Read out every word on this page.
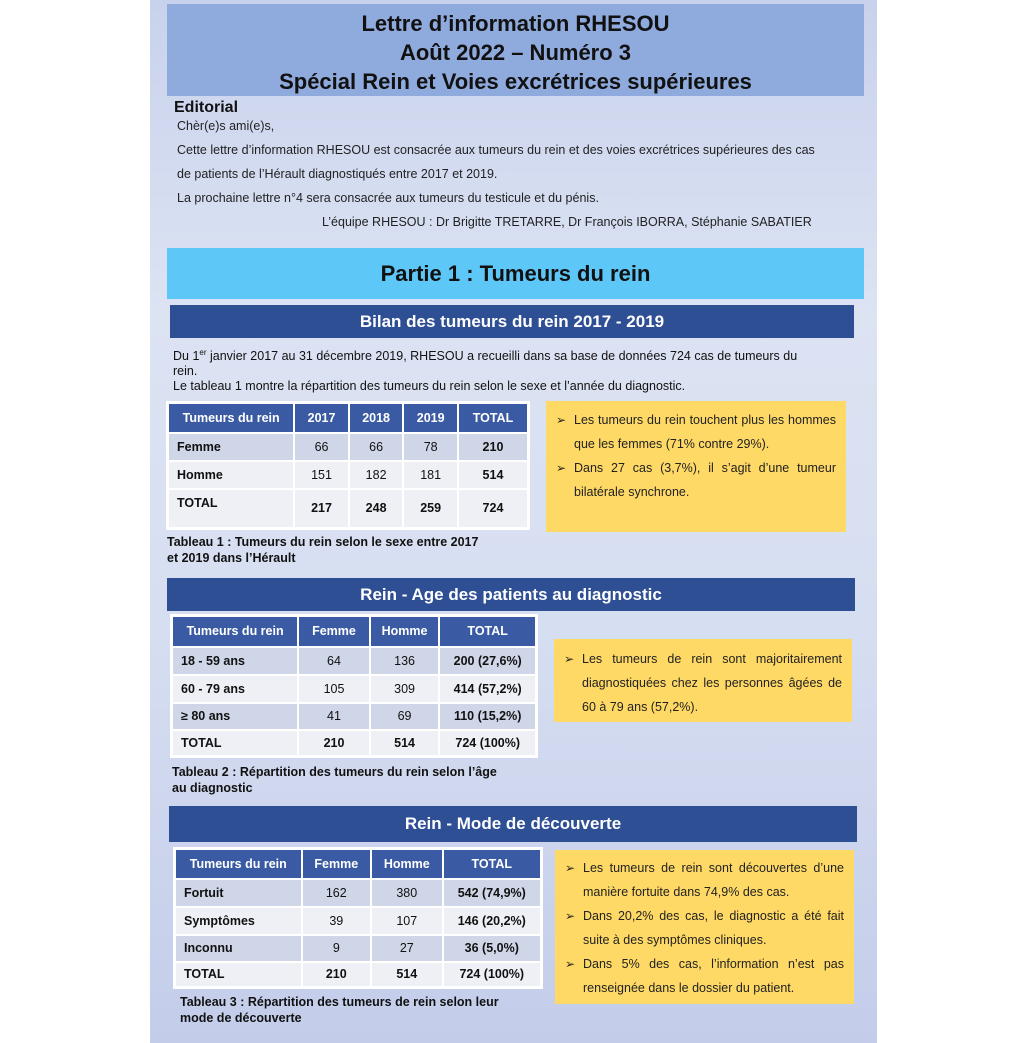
Lettre d’information RHESOU
Août 2022 – Numéro 3
Spécial Rein et Voies excrétrices supérieures
Editorial
Chèr(e)s ami(e)s,
Cette lettre d’information RHESOU est consacrée aux tumeurs du rein et des voies excrétrices supérieures des cas
de patients de l’Hérault diagnostiqués entre 2017 et 2019.
La prochaine lettre n°4 sera consacrée aux tumeurs du testicule et du pénis.
L’équipe RHESOU : Dr Brigitte TRETARRE, Dr François IBORRA, Stéphanie SABATIER
Partie 1 : Tumeurs du rein
Bilan des tumeurs du rein 2017 - 2019
Du 1er janvier 2017 au 31 décembre 2019, RHESOU a recueilli dans sa base de données 724 cas de tumeurs du
rein.
Le tableau 1 montre la répartition des tumeurs du rein selon le sexe et l’année du diagnostic.
Tumeurs du rein	2017	2018	2019	TOTAL
Femme	66	66	78	210
Homme	151	182	181	514
TOTAL	217	248	259	724
Tableau 1 : Tumeurs du rein selon le sexe entre 2017
et 2019 dans l’Hérault
➢ Les tumeurs du rein touchent plus les hommes que les femmes (71% contre 29%).
➢ Dans 27 cas (3,7%), il s’agit d’une tumeur bilatérale synchrone.
Rein - Age des patients au diagnostic
Tumeurs du rein	Femme	Homme	TOTAL
18 - 59 ans	64	136	200 (27,6%)
60 - 79 ans	105	309	414 (57,2%)
≥ 80 ans	41	69	110 (15,2%)
TOTAL	210	514	724 (100%)
Tableau 2 : Répartition des tumeurs du rein selon l’âge
au diagnostic
➢ Les tumeurs de rein sont majoritairement diagnostiquées chez les personnes âgées de 60 à 79 ans (57,2%).
Rein - Mode de découverte
Tumeurs du rein	Femme	Homme	TOTAL
Fortuit	162	380	542 (74,9%)
Symptômes	39	107	146 (20,2%)
Inconnu	9	27	36 (5,0%)
TOTAL	210	514	724 (100%)
Tableau 3 : Répartition des tumeurs de rein selon leur
mode de découverte
➢ Les tumeurs de rein sont découvertes d’une manière fortuite dans 74,9% des cas.
➢ Dans 20,2% des cas, le diagnostic a été fait suite à des symptômes cliniques.
➢ Dans 5% des cas, l’information n’est pas renseignée dans le dossier du patient.
